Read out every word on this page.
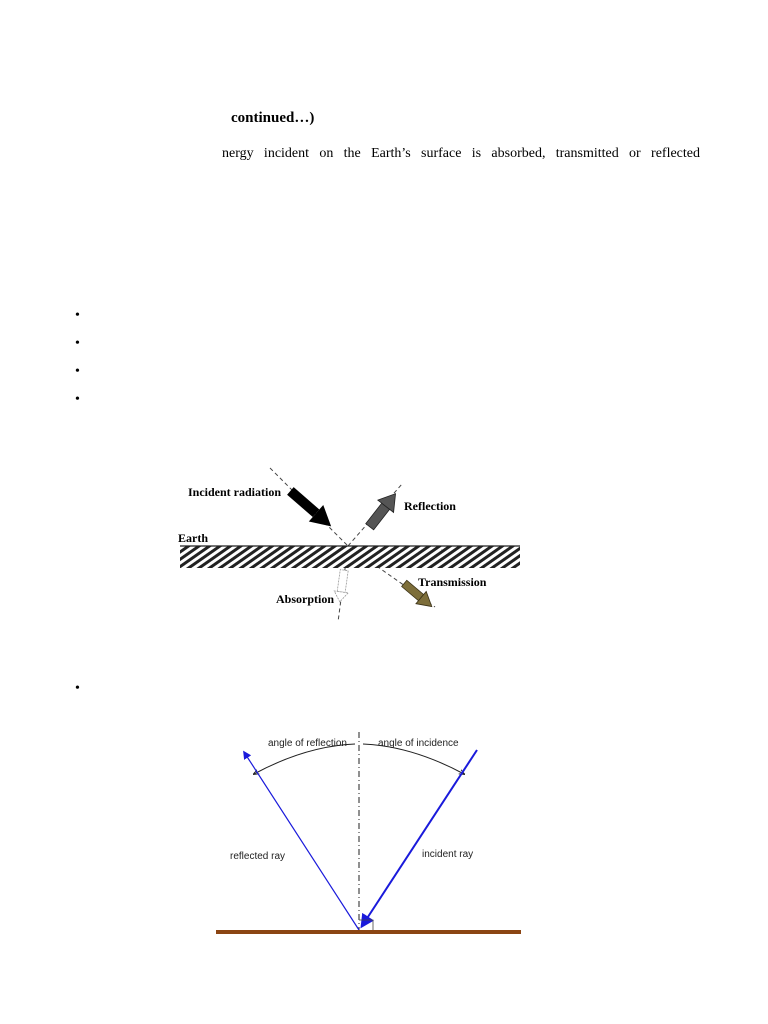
continued…)
nergy incident on the Earth’s surface is absorbed, transmitted or reflected
•
•
•
•
Incident radiation
Reflection
Earth
Transmission
Absorption
•
angle of reflection	angle of incidence
reflected ray	incident ray
